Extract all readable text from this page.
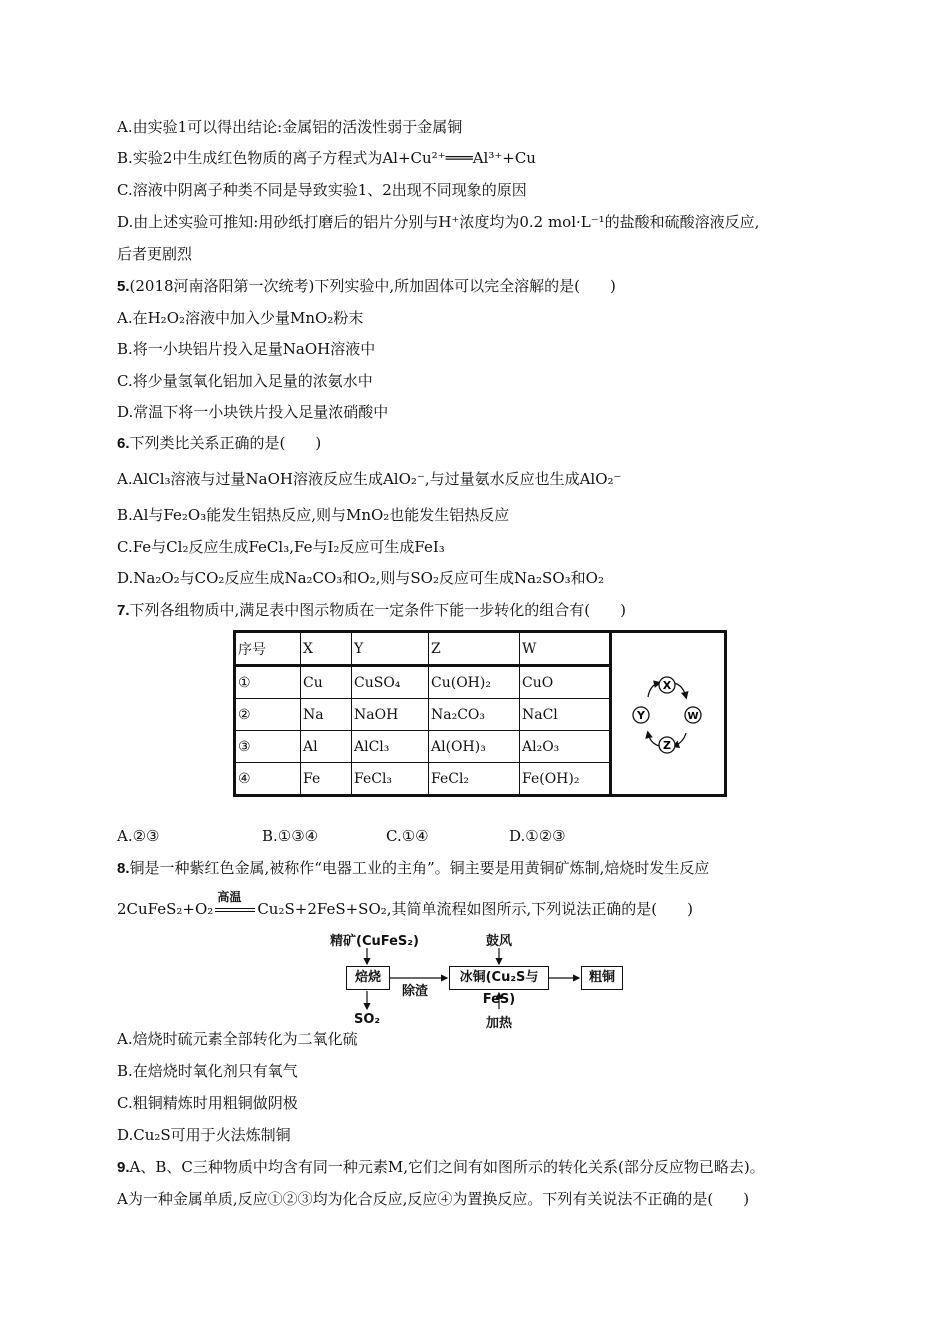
A.由实验1可以得出结论:金属铝的活泼性弱于金属铜
B.实验2中生成红色物质的离子方程式为Al+Cu²⁺═══Al³⁺+Cu
C.溶液中阴离子种类不同是导致实验1、2出现不同现象的原因
D.由上述实验可推知:用砂纸打磨后的铝片分别与H⁺浓度均为0.2 mol·L⁻¹的盐酸和硫酸溶液反应,
后者更剧烈
5.(2018河南洛阳第一次统考)下列实验中,所加固体可以完全溶解的是(　　)
A.在H₂O₂溶液中加入少量MnO₂粉末
B.将一小块铝片投入足量NaOH溶液中
C.将少量氢氧化铝加入足量的浓氨水中
D.常温下将一小块铁片投入足量浓硝酸中
6.下列类比关系正确的是(　　)
A.AlCl₃溶液与过量NaOH溶液反应生成AlO₂⁻,与过量氨水反应也生成AlO₂⁻
B.Al与Fe₂O₃能发生铝热反应,则与MnO₂也能发生铝热反应
C.Fe与Cl₂反应生成FeCl₃,Fe与I₂反应可生成FeI₃
D.Na₂O₂与CO₂反应生成Na₂CO₃和O₂,则与SO₂反应可生成Na₂SO₃和O₂
7.下列各组物质中,满足表中图示物质在一定条件下能一步转化的组合有(　　)
序号	X	Y	Z	W	X
Y W
Z

①	Cu	CuSO₄	Cu(OH)₂	CuO	
②	Na	NaOH	Na₂CO₃	NaCl	
③	Al	AlCl₃	Al(OH)₃	Al₂O₃	
④	Fe	FeCl₃	FeCl₂	Fe(OH)₂	
A.②③	B.①③④	C.①④	D.①②③
8.铜是一种紫红色金属,被称作“电器工业的主角”。铜主要是用黄铜矿炼制,焙烧时发生反应
2CuFeS₂+O₂
高温
Cu₂S+2FeS+SO₂,其简单流程如图所示,下列说法正确的是(　　)
精矿(CuFeS₂)	鼓风
焙烧	冰铜(Cu₂S与FeS)
粗铜
除渣
SO₂	加热
A.焙烧时硫元素全部转化为二氧化硫
B.在焙烧时氧化剂只有氧气
C.粗铜精炼时用粗铜做阴极
D.Cu₂S可用于火法炼制铜
9.A、B、C三种物质中均含有同一种元素M,它们之间有如图所示的转化关系(部分反应物已略去)。
A为一种金属单质,反应①②③均为化合反应,反应④为置换反应。下列有关说法不正确的是(　　)
